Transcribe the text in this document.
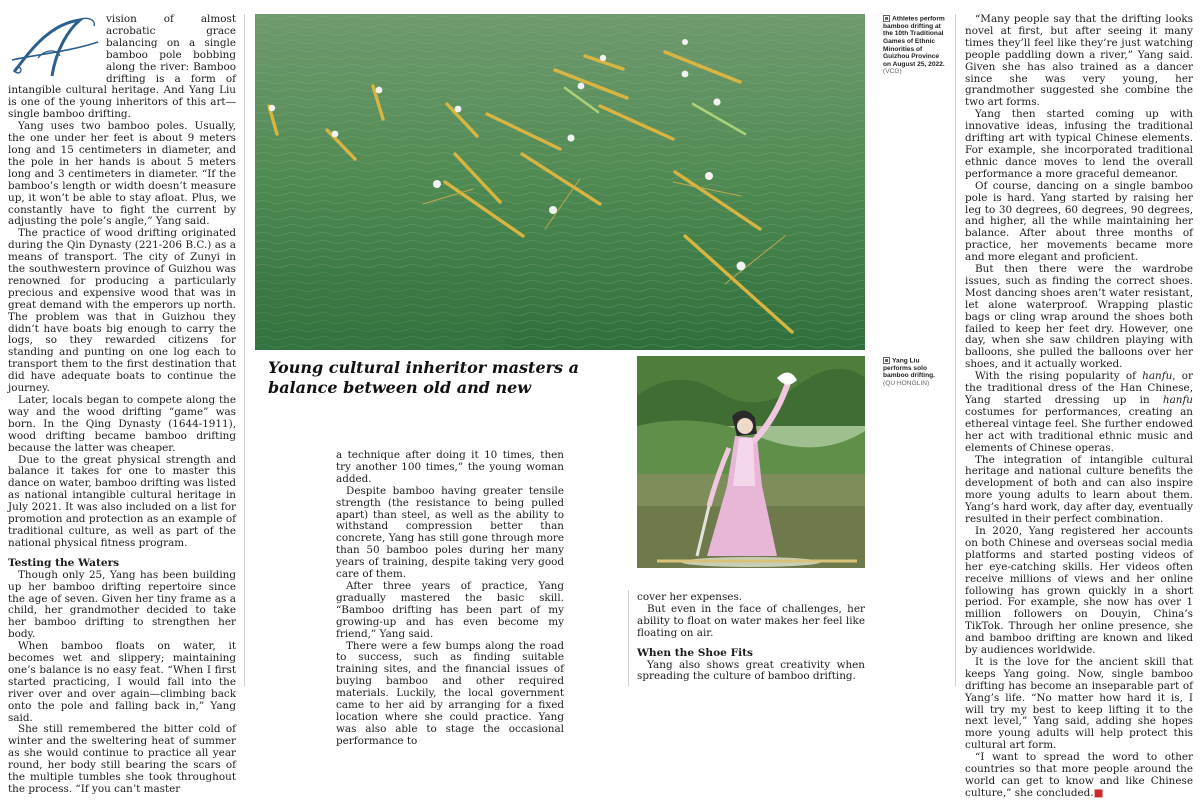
vision of almost acrobatic grace balancing on a single bamboo pole bobbing along the river: Bamboo drifting is a form of intangible cultural heritage. And Yang Liu is one of the young inheritors of this art—single bamboo drifting.

Yang uses two bamboo poles. Usually, the one under her feet is about 9 meters long and 15 centimeters in diameter, and the pole in her hands is about 5 meters long and 3 centimeters in diameter. “If the bamboo’s length or width doesn’t measure up, it won’t be able to stay afloat. Plus, we constantly have to fight the current by adjusting the pole’s angle,” Yang said.

The practice of wood drifting originated during the Qin Dynasty (221-206 B.C.) as a means of transport. The city of Zunyi in the southwestern province of Guizhou was renowned for producing a particularly precious and expensive wood that was in great demand with the emperors up north. The problem was that in Guizhou they didn’t have boats big enough to carry the logs, so they rewarded citizens for standing and punting on one log each to transport them to the first destination that did have adequate boats to continue the journey.

Later, locals began to compete along the way and the wood drifting “game” was born. In the Qing Dynasty (1644-1911), wood drifting became bamboo drifting because the latter was cheaper.

Due to the great physical strength and balance it takes for one to master this dance on water, bamboo drifting was listed as national intangible cultural heritage in July 2021. It was also included on a list for promotion and protection as an example of traditional culture, as well as part of the national physical fitness program.

Testing the Waters

Though only 25, Yang has been building up her bamboo drifting repertoire since the age of seven. Given her tiny frame as a child, her grandmother decided to take her bamboo drifting to strengthen her body.

When bamboo floats on water, it becomes wet and slippery; maintaining one’s balance is no easy feat. “When I first started practicing, I would fall into the river over and over again—climbing back onto the pole and falling back in,” Yang said.

She still remembered the bitter cold of winter and the sweltering heat of summer as she would continue to practice all year round, her body still bearing the scars of the multiple tumbles she took throughout the process. “If you can’t master

Athletes perform bamboo drifting at the 10th Traditional Games of Ethnic Minorities of Guizhou Province on August 25, 2022. (VCG)
Young cultural inheritor masters a balance between old and new

a technique after doing it 10 times, then try another 100 times,” the young woman added.

Despite bamboo having greater tensile strength (the resistance to being pulled apart) than steel, as well as the ability to withstand compression better than concrete, Yang has still gone through more than 50 bamboo poles during her many years of training, despite taking very good care of them.

After three years of practice, Yang gradually mastered the basic skill. “Bamboo drifting has been part of my growing-up and has even become my friend,” Yang said.

There were a few bumps along the road to success, such as finding suitable training sites, and the financial issues of buying bamboo and other required materials. Luckily, the local government came to her aid by arranging for a fixed location where she could practice. Yang was also able to stage the occasional performance to

Yang Liu performs solo bamboo drifting. (QU HONGLIN)

cover her expenses.

But even in the face of challenges, her ability to float on water makes her feel like floating on air.

When the Shoe Fits

Yang also shows great creativity when spreading the culture of bamboo drifting.

“Many people say that the drifting looks novel at first, but after seeing it many times they’ll feel like they’re just watching people paddling down a river,” Yang said. Given she has also trained as a dancer since she was very young, her grandmother suggested she combine the two art forms.

Yang then started coming up with innovative ideas, infusing the traditional drifting art with typical Chinese elements. For example, she incorporated traditional ethnic dance moves to lend the overall performance a more graceful demeanor.

Of course, dancing on a single bamboo pole is hard. Yang started by raising her leg to 30 degrees, 60 degrees, 90 degrees, and higher, all the while maintaining her balance. After about three months of practice, her movements became more and more elegant and proficient.

But then there were the wardrobe issues, such as finding the correct shoes. Most dancing shoes aren’t water resistant, let alone waterproof. Wrapping plastic bags or cling wrap around the shoes both failed to keep her feet dry. However, one day, when she saw children playing with balloons, she pulled the balloons over her shoes, and it actually worked.

With the rising popularity of hanfu, or the traditional dress of the Han Chinese, Yang started dressing up in hanfu costumes for performances, creating an ethereal vintage feel. She further endowed her act with traditional ethnic music and elements of Chinese operas.

The integration of intangible cultural heritage and national culture benefits the development of both and can also inspire more young adults to learn about them. Yang’s hard work, day after day, eventually resulted in their perfect combination.

In 2020, Yang registered her accounts on both Chinese and overseas social media platforms and started posting videos of her eye-catching skills. Her videos often receive millions of views and her online following has grown quickly in a short period. For example, she now has over 1 million followers on Douyin, China’s TikTok. Through her online presence, she and bamboo drifting are known and liked by audiences worldwide.

It is the love for the ancient skill that keeps Yang going. Now, single bamboo drifting has become an inseparable part of Yang’s life. “No matter how hard it is, I will try my best to keep lifting it to the next level,” Yang said, adding she hopes more young adults will help protect this cultural art form.

“I want to spread the word to other countries so that more people around the world can get to know and like Chinese culture,” she concluded.■
